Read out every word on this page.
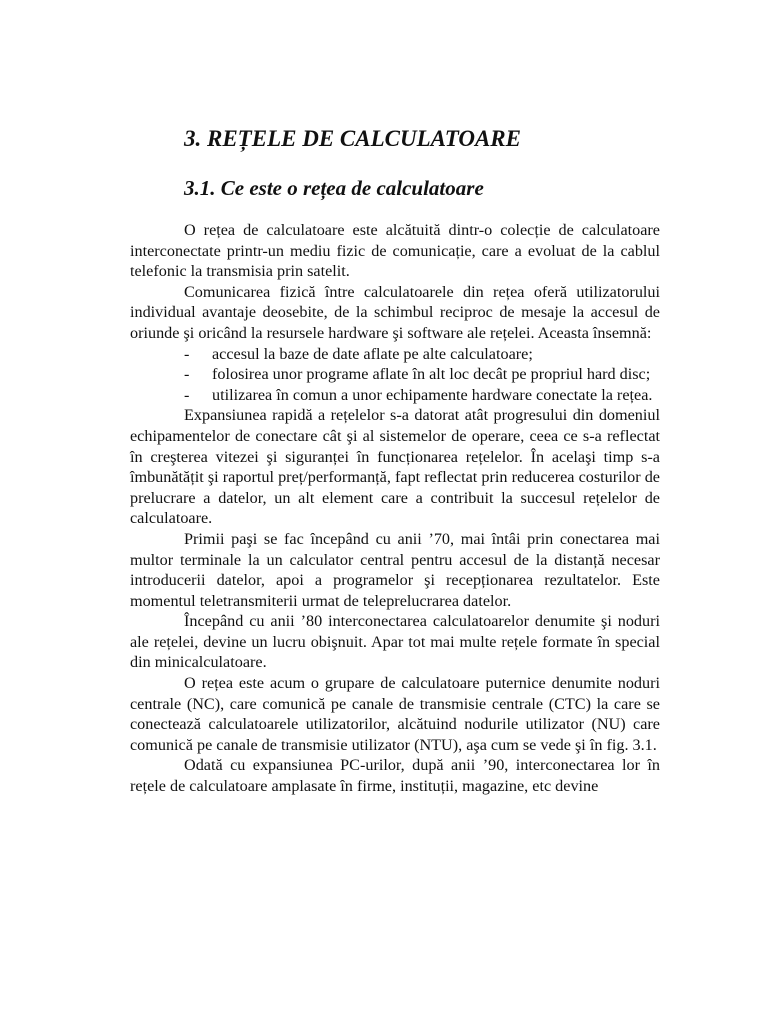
3. REȚELE DE CALCULATOARE
3.1. Ce este o rețea de calculatoare

O rețea de calculatoare este alcătuită dintr-o colecție de calculatoare interconectate printr-un mediu fizic de comunicație, care a evoluat de la cablul telefonic la transmisia prin satelit.

Comunicarea fizică între calculatoarele din rețea oferă utilizatorului individual avantaje deosebite, de la schimbul reciproc de mesaje la accesul de oriunde şi oricând la resursele hardware şi software ale rețelei. Aceasta însemnă:

- accesul la baze de date aflate pe alte calculatoare;
- folosirea unor programe aflate în alt loc decât pe propriul hard disc;
- utilizarea în comun a unor echipamente hardware conectate la rețea.

Expansiunea rapidă a rețelelor s-a datorat atât progresului din domeniul echipamentelor de conectare cât şi al sistemelor de operare, ceea ce s-a reflectat în creşterea vitezei şi siguranței în funcționarea rețelelor. În acelaşi timp s-a îmbunătățit şi raportul preț/performanță, fapt reflectat prin reducerea costurilor de prelucrare a datelor, un alt element care a contribuit la succesul rețelelor de calculatoare.

Primii paşi se fac începând cu anii ’70, mai întâi prin conectarea mai multor terminale la un calculator central pentru accesul de la distanță necesar introducerii datelor, apoi a programelor şi recepționarea rezultatelor. Este momentul teletransmiterii urmat de teleprelucrarea datelor.

Începând cu anii ’80 interconectarea calculatoarelor denumite şi noduri ale rețelei, devine un lucru obişnuit. Apar tot mai multe rețele formate în special din minicalculatoare.

O rețea este acum o grupare de calculatoare puternice denumite noduri centrale (NC), care comunică pe canale de transmisie centrale (CTC) la care se conectează calculatoarele utilizatorilor, alcătuind nodurile utilizator (NU) care comunică pe canale de transmisie utilizator (NTU), aşa cum se vede şi în fig. 3.1.

Odată cu expansiunea PC-urilor, după anii ’90, interconectarea lor în rețele de calculatoare amplasate în firme, instituții, magazine, etc devine
